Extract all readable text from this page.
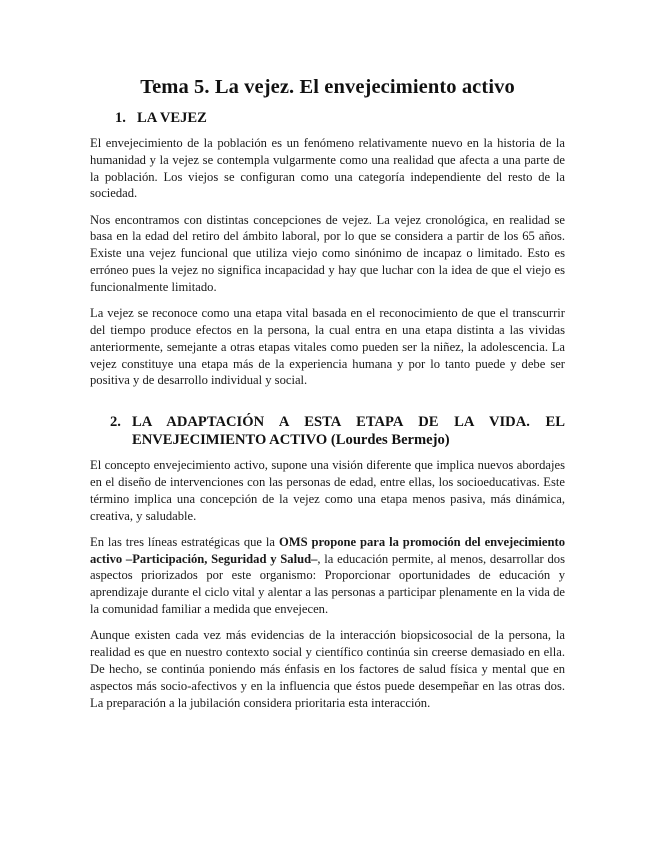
Tema 5. La vejez. El envejecimiento activo
1. LA VEJEZ

El envejecimiento de la población es un fenómeno relativamente nuevo en la historia de la humanidad y la vejez se contempla vulgarmente como una realidad que afecta a una parte de la población. Los viejos se configuran como una categoría independiente del resto de la sociedad.

Nos encontramos con distintas concepciones de vejez. La vejez cronológica, en realidad se basa en la edad del retiro del ámbito laboral, por lo que se considera a partir de los 65 años. Existe una vejez funcional que utiliza viejo como sinónimo de incapaz o limitado. Esto es erróneo pues la vejez no significa incapacidad y hay que luchar con la idea de que el viejo es funcionalmente limitado.

La vejez se reconoce como una etapa vital basada en el reconocimiento de que el transcurrir del tiempo produce efectos en la persona, la cual entra en una etapa distinta a las vividas anteriormente, semejante a otras etapas vitales como pueden ser la niñez, la adolescencia. La vejez constituye una etapa más de la experiencia humana y por lo tanto puede y debe ser positiva y de desarrollo individual y social.

2. LA ADAPTACIÓN A ESTA ETAPA DE LA VIDA. EL ENVEJECIMIENTO ACTIVO (Lourdes Bermejo)

El concepto envejecimiento activo, supone una visión diferente que implica nuevos abordajes en el diseño de intervenciones con las personas de edad, entre ellas, los socioeducativas. Este término implica una concepción de la vejez como una etapa menos pasiva, más dinámica, creativa, y saludable.

En las tres líneas estratégicas que la OMS propone para la promoción del envejecimiento activo –Participación, Seguridad y Salud–, la educación permite, al menos, desarrollar dos aspectos priorizados por este organismo: Proporcionar oportunidades de educación y aprendizaje durante el ciclo vital y alentar a las personas a participar plenamente en la vida de la comunidad familiar a medida que envejecen.

Aunque existen cada vez más evidencias de la interacción biopsicosocial de la persona, la realidad es que en nuestro contexto social y científico continúa sin creerse demasiado en ella. De hecho, se continúa poniendo más énfasis en los factores de salud física y mental que en aspectos más socio-afectivos y en la influencia que éstos puede desempeñar en las otras dos. La preparación a la jubilación considera prioritaria esta interacción.
